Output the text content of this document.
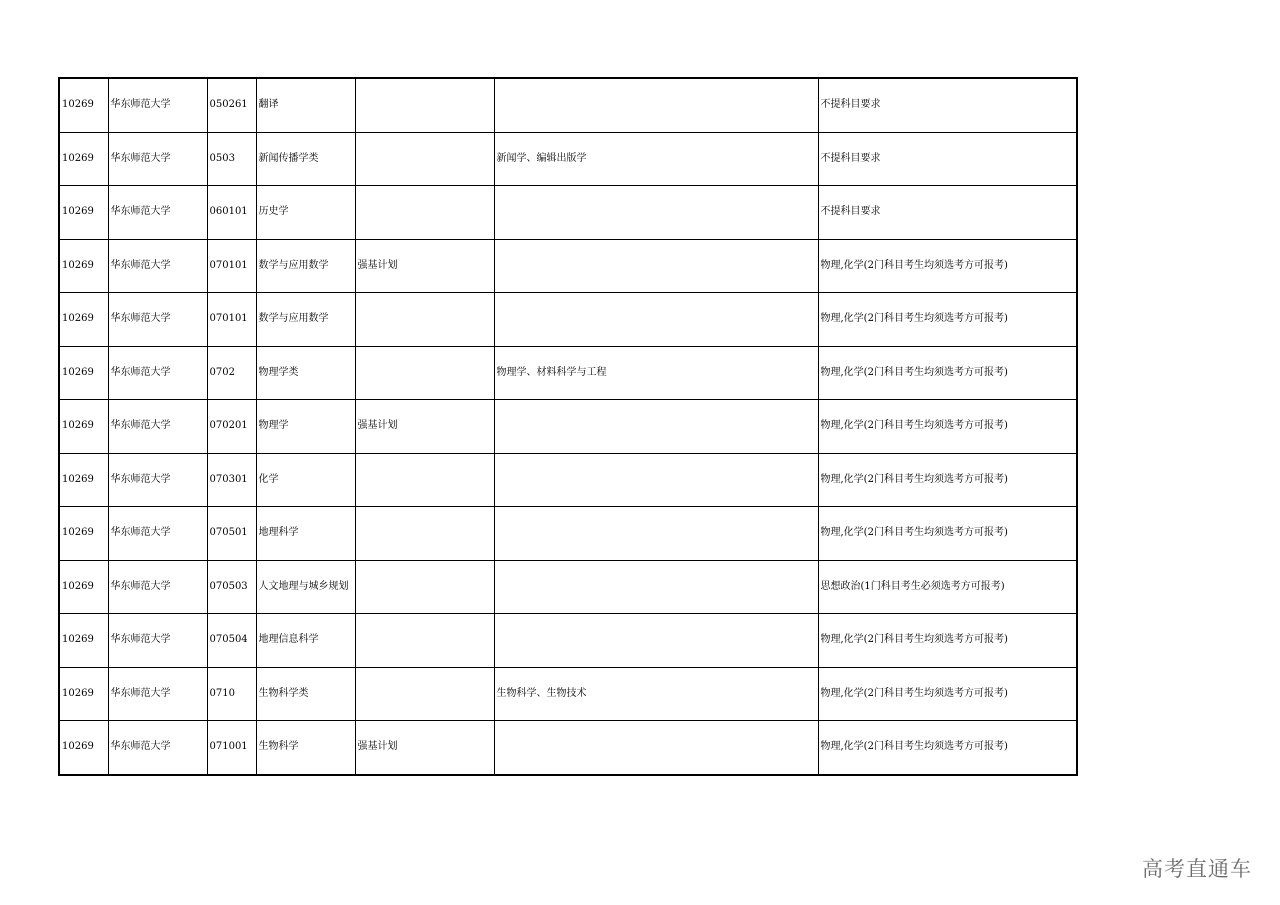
10269	华东师范大学	050261	翻译			不提科目要求
10269	华东师范大学	0503	新闻传播学类		新闻学、编辑出版学	不提科目要求
10269	华东师范大学	060101	历史学			不提科目要求
10269	华东师范大学	070101	数学与应用数学	强基计划		物理,化学(2门科目考生均须选考方可报考)
10269	华东师范大学	070101	数学与应用数学			物理,化学(2门科目考生均须选考方可报考)
10269	华东师范大学	0702	物理学类		物理学、材料科学与工程	物理,化学(2门科目考生均须选考方可报考)
10269	华东师范大学	070201	物理学	强基计划		物理,化学(2门科目考生均须选考方可报考)
10269	华东师范大学	070301	化学			物理,化学(2门科目考生均须选考方可报考)
10269	华东师范大学	070501	地理科学			物理,化学(2门科目考生均须选考方可报考)
10269	华东师范大学	070503	人文地理与城乡规划			思想政治(1门科目考生必须选考方可报考)
10269	华东师范大学	070504	地理信息科学			物理,化学(2门科目考生均须选考方可报考)
10269	华东师范大学	0710	生物科学类		生物科学、生物技术	物理,化学(2门科目考生均须选考方可报考)
10269	华东师范大学	071001	生物科学	强基计划		物理,化学(2门科目考生均须选考方可报考)
高考直通车
